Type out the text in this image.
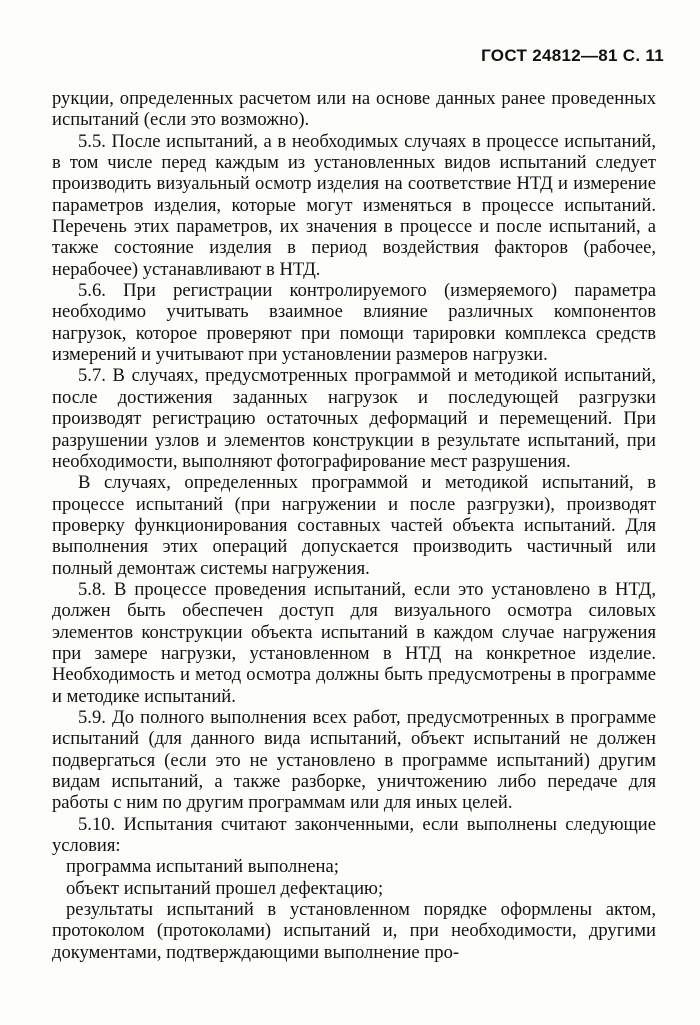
ГОСТ 24812—81 С. 11

рукции, определенных расчетом или на основе данных ранее проведенных испытаний (если это возможно).

5.5. После испытаний, а в необходимых случаях в процессе испытаний, в том числе перед каждым из установленных видов испытаний следует производить визуальный осмотр изделия на соответствие НТД и измерение параметров изделия, которые могут изменяться в процессе испытаний. Перечень этих параметров, их значения в процессе и после испытаний, а также состояние изделия в период воздействия факторов (рабочее, нерабочее) устанавливают в НТД.

5.6. При регистрации контролируемого (измеряемого) параметра необходимо учитывать взаимное влияние различных компонентов нагрузок, которое проверяют при помощи тарировки комплекса средств измерений и учитывают при установлении размеров нагрузки.

5.7. В случаях, предусмотренных программой и методикой испытаний, после достижения заданных нагрузок и последующей разгрузки производят регистрацию остаточных деформаций и перемещений. При разрушении узлов и элементов конструкции в результате испытаний, при необходимости, выполняют фотографирование мест разрушения.

В случаях, определенных программой и методикой испытаний, в процессе испытаний (при нагружении и после разгрузки), производят проверку функционирования составных частей объекта испытаний. Для выполнения этих операций допускается производить частичный или полный демонтаж системы нагружения.

5.8. В процессе проведения испытаний, если это установлено в НТД, должен быть обеспечен доступ для визуального осмотра силовых элементов конструкции объекта испытаний в каждом случае нагружения при замере нагрузки, установленном в НТД на конкретное изделие. Необходимость и метод осмотра должны быть предусмотрены в программе и методике испытаний.

5.9. До полного выполнения всех работ, предусмотренных в программе испытаний (для данного вида испытаний, объект испытаний не должен подвергаться (если это не установлено в программе испытаний) другим видам испытаний, а также разборке, уничтожению либо передаче для работы с ним по другим программам или для иных целей.

5.10. Испытания считают законченными, если выполнены следующие условия:

программа испытаний выполнена;

объект испытаний прошел дефектацию;

результаты испытаний в установленном порядке оформлены актом, протоколом (протоколами) испытаний и, при необходимости, другими документами, подтверждающими выполнение про-
